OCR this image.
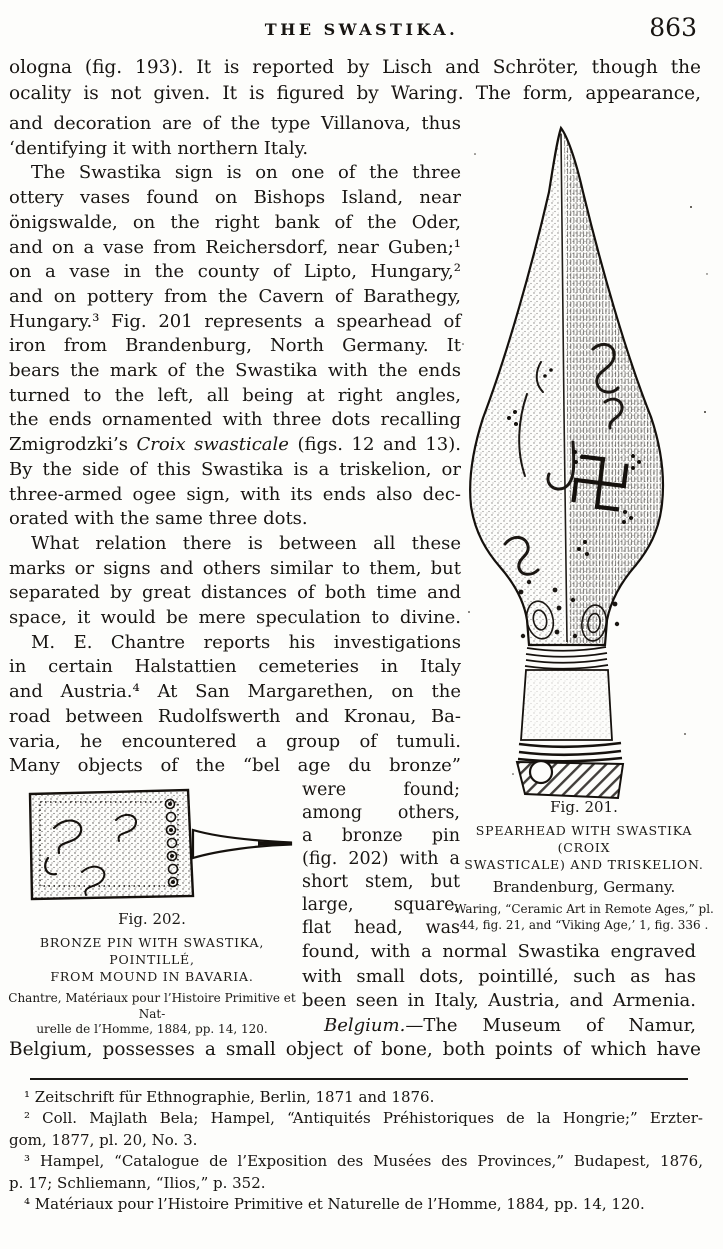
THE SWASTIKA.	863
ologna (fig. 193). It is reported by Lisch and Schröter, though the
ocality is not given. It is figured by Waring. The form, appearance,
and decoration are of the type Villanova, thus
‘dentifying it with northern Italy.
The Swastika sign is on one of the three
ottery vases found on Bishops Island, near
önigswalde, on the right bank of the Oder,
and on a vase from Reichersdorf, near Guben;¹
on a vase in the county of Lipto, Hungary,²
and on pottery from the Cavern of Barathegy,
Hungary.³ Fig. 201 represents a spearhead of
iron from Brandenburg, North Germany. It
bears the mark of the Swastika with the ends
turned to the left, all being at right angles,
the ends ornamented with three dots recalling
Zmigrodzki’s Croix swasticale (figs. 12 and 13).
By the side of this Swastika is a triskelion, or
three-armed ogee sign, with its ends also dec-
orated with the same three dots.
What relation there is between all these
marks or signs and others similar to them, but
separated by great distances of both time and
space, it would be mere speculation to divine.
M. E. Chantre reports his investigations
in certain Halstattien cemeteries in Italy
and Austria.⁴ At San Margarethen, on the
road between Rudolfswerth and Kronau, Ba-
varia, he encountered a group of tumuli.
Many objects of the “bel age du bronze”
were found;
among others,
a bronze pin
(fig. 202) with a
short stem, but
large, square,
flat head, was
found, with a normal Swastika engraved
with small dots, pointillé, such as has
been seen in Italy, Austria, and Armenia.
Belgium.—The Museum of Namur,
Belgium, possesses a small object of bone, both points of which have
Fig. 201.
SPEARHEAD WITH SWASTIKA (CROIX
SWASTICALE) AND TRISKELION.
Brandenburg, Germany.
Waring, “Ceramic Art in Remote Ages,” pl.
44, fig. 21, and “Viking Age,’ 1, fig. 336 .
Fig. 202.
BRONZE PIN WITH SWASTIKA, POINTILLÉ,
FROM MOUND IN BAVARIA.
Chantre, Matériaux pour l’Histoire Primitive et Nat-
urelle de l’Homme, 1884, pp. 14, 120.
¹ Zeitschrift für Ethnographie, Berlin, 1871 and 1876.
² Coll. Majlath Bela; Hampel, “Antiquités Préhistoriques de la Hongrie;” Erzter-
gom, 1877, pl. 20, No. 3.
³ Hampel, “Catalogue de l’Exposition des Musées des Provinces,” Budapest, 1876,
p. 17; Schliemann, “Ilios,” p. 352.
⁴ Matériaux pour l’Histoire Primitive et Naturelle de l’Homme, 1884, pp. 14, 120.
